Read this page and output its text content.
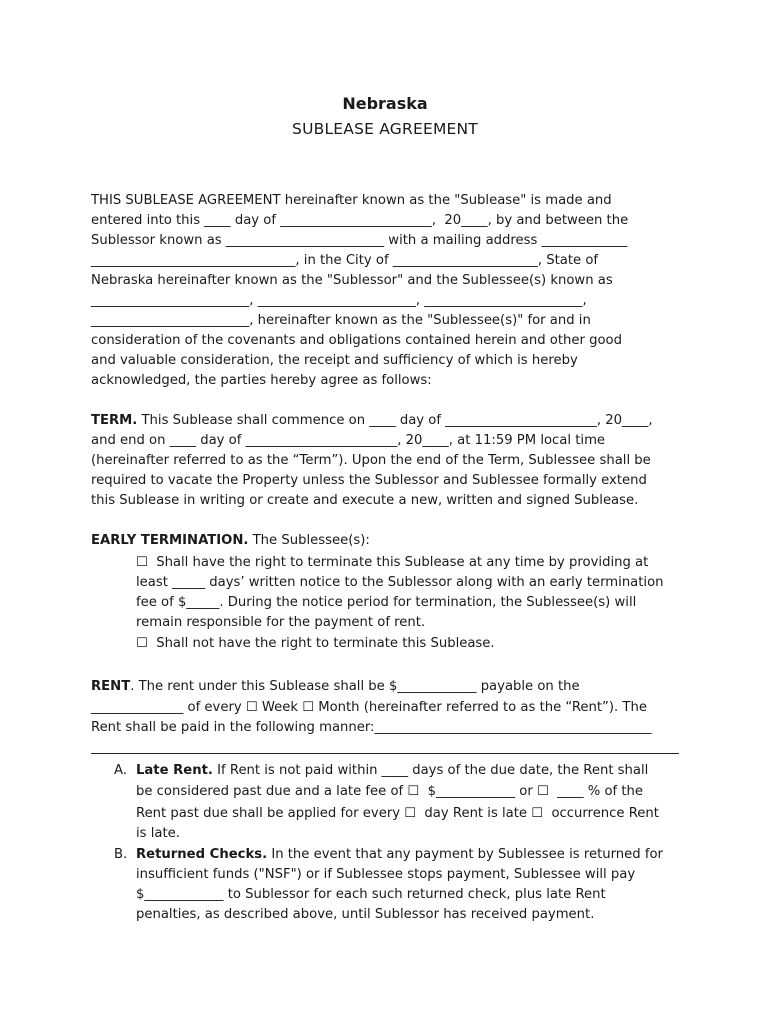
Nebraska
SUBLEASE AGREEMENT
THIS SUBLEASE AGREEMENT hereinafter known as the "Sublease" is made and
entered into this ____ day of _______________________,  20____, by and between the
Sublessor known as ________________________ with a mailing address _____________
_______________________________, in the City of ______________________, State of
Nebraska hereinafter known as the "Sublessor" and the Sublessee(s) known as
________________________, ________________________, ________________________,
________________________, hereinafter known as the "Sublessee(s)" for and in
consideration of the covenants and obligations contained herein and other good
and valuable consideration, the receipt and sufficiency of which is hereby
acknowledged, the parties hereby agree as follows:
TERM. This Sublease shall commence on ____ day of _______________________, 20____,
and end on ____ day of _______________________, 20____, at 11:59 PM local time
(hereinafter referred to as the “Term”). Upon the end of the Term, Sublessee shall be
required to vacate the Property unless the Sublessor and Sublessee formally extend
this Sublease in writing or create and execute a new, written and signed Sublease.
EARLY TERMINATION. The Sublessee(s):
☐  Shall have the right to terminate this Sublease at any time by providing at
least _____ days’ written notice to the Sublessor along with an early termination
fee of $_____. During the notice period for termination, the Sublessee(s) will
remain responsible for the payment of rent.
☐  Shall not have the right to terminate this Sublease.
RENT. The rent under this Sublease shall be $____________ payable on the
______________ of every ☐ Week ☐ Month (hereinafter referred to as the “Rent”). The
Rent shall be paid in the following manner:__________________________________________
A. Late Rent. If Rent is not paid within ____ days of the due date, the Rent shall
be considered past due and a late fee of ☐  $____________ or ☐  ____ % of the
Rent past due shall be applied for every ☐  day Rent is late ☐  occurrence Rent
is late.
B. Returned Checks. In the event that any payment by Sublessee is returned for
insufficient funds ("NSF") or if Sublessee stops payment, Sublessee will pay
$____________ to Sublessor for each such returned check, plus late Rent
penalties, as described above, until Sublessor has received payment.
